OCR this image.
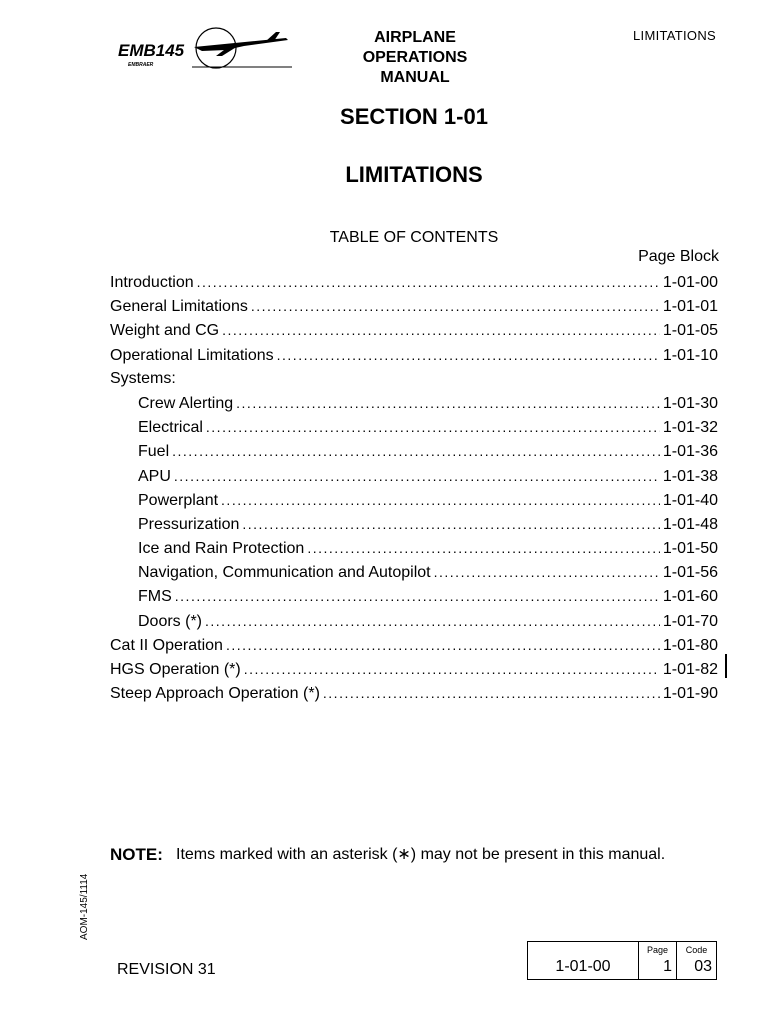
EMB145
EMBRAER
AIRPLANE
OPERATIONS
MANUAL
LIMITATIONS
SECTION 1-01
LIMITATIONS
TABLE OF CONTENTS
Page Block
Introduction .....	1-01-00
General Limitations .....	1-01-01
Weight and CG .....	1-01-05
Operational Limitations .....	1-01-10
Systems:
Crew Alerting .....	1-01-30
Electrical .....	1-01-32
Fuel .....	1-01-36
APU .....	1-01-38
Powerplant .....	1-01-40
Pressurization .....	1-01-48
Ice and Rain Protection .....	1-01-50
Navigation, Communication and Autopilot .....	1-01-56
FMS .....	1-01-60
Doors (*) .....	1-01-70
Cat II Operation .....	1-01-80
HGS Operation (*) .....	1-01-82
Steep Approach Operation (*) .....	1-01-90
NOTE: Items marked with an asterisk (∗) may not be present in this manual.
AOM-145/1114
REVISION 31	1-01-00
Page
1
Code
03
